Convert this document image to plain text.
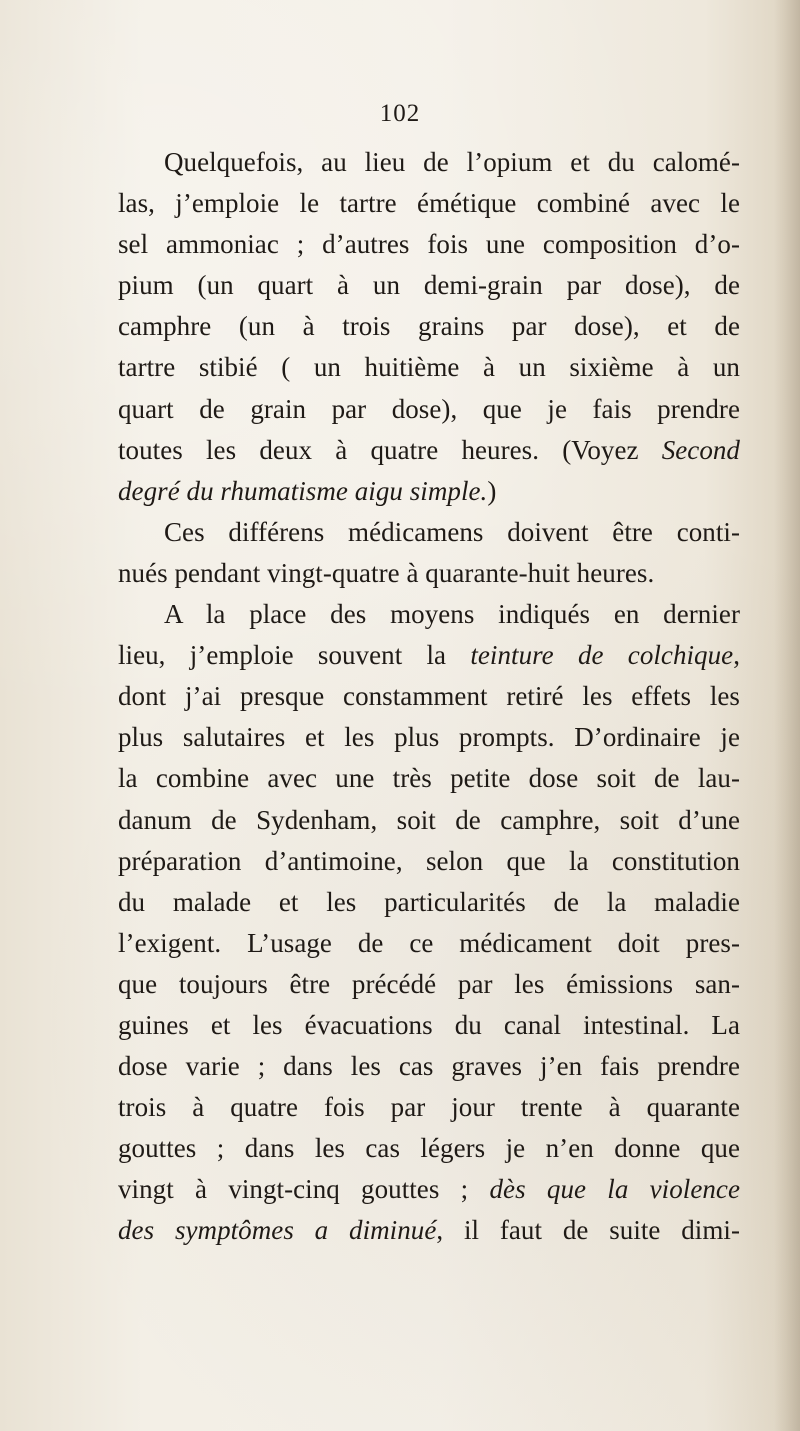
102
Quelquefois, au lieu de l’opium et du calomé-
las, j’emploie le tartre émétique combiné avec le
sel ammoniac ; d’autres fois une composition d’o-
pium (un quart à un demi-grain par dose), de
camphre (un à trois grains par dose), et de
tartre stibié ( un huitième à un sixième à un
quart de grain par dose), que je fais prendre
toutes les deux à quatre heures. (Voyez Second
degré du rhumatisme aigu simple.)
Ces différens médicamens doivent être conti-
nués pendant vingt-quatre à quarante-huit heures.
A la place des moyens indiqués en dernier
lieu, j’emploie souvent la teinture de colchique,
dont j’ai presque constamment retiré les effets les
plus salutaires et les plus prompts. D’ordinaire je
la combine avec une très petite dose soit de lau-
danum de Sydenham, soit de camphre, soit d’une
préparation d’antimoine, selon que la constitution
du malade et les particularités de la maladie
l’exigent. L’usage de ce médicament doit pres-
que toujours être précédé par les émissions san-
guines et les évacuations du canal intestinal. La
dose varie ; dans les cas graves j’en fais prendre
trois à quatre fois par jour trente à quarante
gouttes ; dans les cas légers je n’en donne que
vingt à vingt-cinq gouttes ; dès que la violence
des symptômes a diminué, il faut de suite dimi-
